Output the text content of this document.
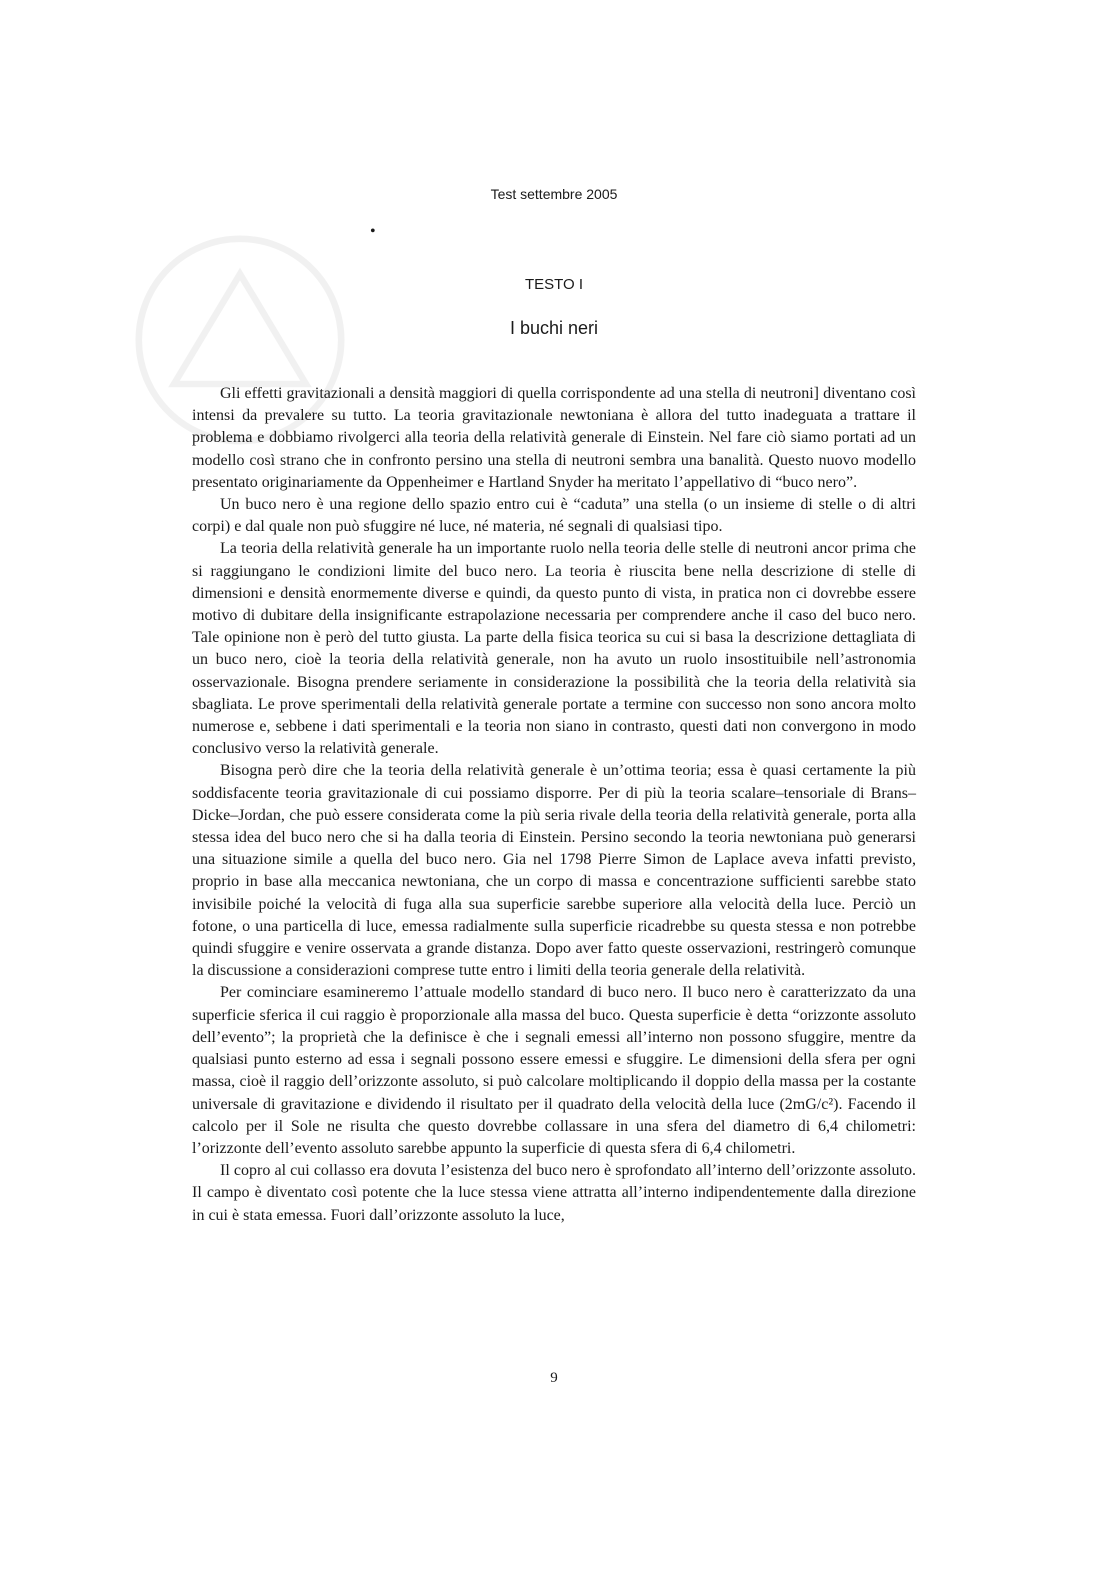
Test settembre 2005
•
TESTO I
I buchi neri

Gli effetti gravitazionali a densità maggiori di quella corrispondente ad una stella di neutroni] diventano così intensi da prevalere su tutto. La teoria gravitazionale newtoniana è allora del tutto inadeguata a trattare il problema e dobbiamo rivolgerci alla teoria della relatività generale di Einstein. Nel fare ciò siamo portati ad un modello così strano che in confronto persino una stella di neutroni sembra una banalità. Questo nuovo modello presentato originariamente da Oppenheimer e Hartland Snyder ha meritato l’appellativo di “buco nero”.

Un buco nero è una regione dello spazio entro cui è “caduta” una stella (o un insieme di stelle o di altri corpi) e dal quale non può sfuggire né luce, né materia, né segnali di qualsiasi tipo.

La teoria della relatività generale ha un importante ruolo nella teoria delle stelle di neutroni ancor prima che si raggiungano le condizioni limite del buco nero. La teoria è riuscita bene nella descrizione di stelle di dimensioni e densità enormemente diverse e quindi, da questo punto di vista, in pratica non ci dovrebbe essere motivo di dubitare della insignificante estrapolazione necessaria per comprendere anche il caso del buco nero. Tale opinione non è però del tutto giusta. La parte della fisica teorica su cui si basa la descrizione dettagliata di un buco nero, cioè la teoria della relatività generale, non ha avuto un ruolo insostituibile nell’astronomia osservazionale. Bisogna prendere seriamente in considerazione la possibilità che la teoria della relatività sia sbagliata. Le prove sperimentali della relatività generale portate a termine con successo non sono ancora molto numerose e, sebbene i dati sperimentali e la teoria non siano in contrasto, questi dati non convergono in modo conclusivo verso la relatività generale.

Bisogna però dire che la teoria della relatività generale è un’ottima teoria; essa è quasi certamente la più soddisfacente teoria gravitazionale di cui possiamo disporre. Per di più la teoria scalare–tensoriale di Brans–Dicke–Jordan, che può essere considerata come la più seria rivale della teoria della relatività generale, porta alla stessa idea del buco nero che si ha dalla teoria di Einstein. Persino secondo la teoria newtoniana può generarsi una situazione simile a quella del buco nero. Gia nel 1798 Pierre Simon de Laplace aveva infatti previsto, proprio in base alla meccanica newtoniana, che un corpo di massa e concentrazione sufficienti sarebbe stato invisibile poiché la velocità di fuga alla sua superficie sarebbe superiore alla velocità della luce. Perciò un fotone, o una particella di luce, emessa radialmente sulla superficie ricadrebbe su questa stessa e non potrebbe quindi sfuggire e venire osservata a grande distanza. Dopo aver fatto queste osservazioni, restringerò comunque la discussione a considerazioni comprese tutte entro i limiti della teoria generale della relatività.

Per cominciare esamineremo l’attuale modello standard di buco nero. Il buco nero è caratterizzato da una superficie sferica il cui raggio è proporzionale alla massa del buco. Questa superficie è detta “orizzonte assoluto dell’evento”; la proprietà che la definisce è che i segnali emessi all’interno non possono sfuggire, mentre da qualsiasi punto esterno ad essa i segnali possono essere emessi e sfuggire. Le dimensioni della sfera per ogni massa, cioè il raggio dell’orizzonte assoluto, si può calcolare moltiplicando il doppio della massa per la costante universale di gravitazione e dividendo il risultato per il quadrato della velocità della luce (2mG/c²). Facendo il calcolo per il Sole ne risulta che questo dovrebbe collassare in una sfera del diametro di 6,4 chilometri: l’orizzonte dell’evento assoluto sarebbe appunto la superficie di questa sfera di 6,4 chilometri.

Il copro al cui collasso era dovuta l’esistenza del buco nero è sprofondato all’interno dell’orizzonte assoluto. Il campo è diventato così potente che la luce stessa viene attratta all’interno indipendentemente dalla direzione in cui è stata emessa. Fuori dall’orizzonte assoluto la luce,

9
